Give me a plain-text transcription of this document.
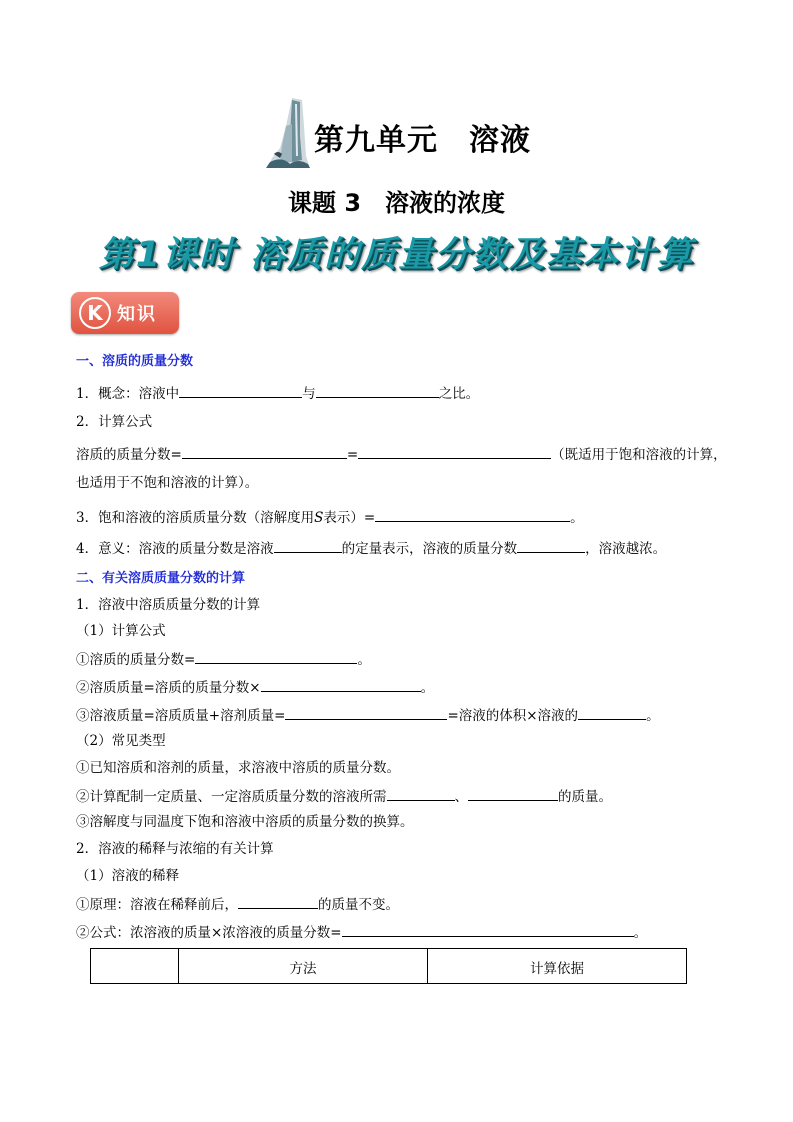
第九单元　溶液
课题 3　溶液的浓度
第1课时 溶质的质量分数及基本计算
K 知识
一、溶质的质量分数
1．概念：溶液中	与	之比。
2．计算公式
溶质的质量分数=	=	（既适用于饱和溶液的计算，
也适用于不饱和溶液的计算）。
3．饱和溶液的溶质质量分数（溶解度用S表示）=	。
4．意义：溶液的质量分数是溶液	的定量表示，溶液的质量分数	，溶液越浓。
二、有关溶质质量分数的计算
1．溶液中溶质质量分数的计算
（1）计算公式
①溶质的质量分数=	。
②溶质质量=溶质的质量分数×	。
③溶液质量=溶质质量+溶剂质量=	=溶液的体积×溶液的	。
（2）常见类型
①已知溶质和溶剂的质量，求溶液中溶质的质量分数。
②计算配制一定质量、一定溶质质量分数的溶液所需	、	的质量。
③溶解度与同温度下饱和溶液中溶质的质量分数的换算。
2．溶液的稀释与浓缩的有关计算
（1）溶液的稀释
①原理：溶液在稀释前后，	的质量不变。
②公式：浓溶液的质量×浓溶液的质量分数=	。
	方法	计算依据
